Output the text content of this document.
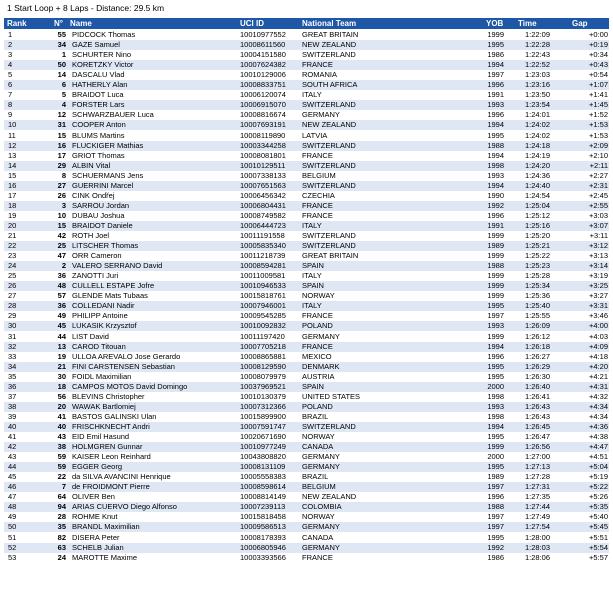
1 Start Loop + 8 Laps - Distance: 29.5 km
Rank	N° Name	UCI ID	National Team	YOB	Time	Gap
1	55 PIDCOCK Thomas	10010977552 GREAT BRITAIN	1999	1:22:09	+0:00
2	34 GAZE Samuel	10008611560 NEW ZEALAND	1995	1:22:28	+0:19
3	1 SCHURTER Nino	10004151580 SWITZERLAND	1986	1:22:43	+0:34
4	50 KORETZKY Victor	10007624382 FRANCE	1994	1:22:52	+0:43
5	14 DASCALU Vlad	10010129006 ROMANIA	1997	1:23:03	+0:54
6	6 HATHERLY Alan	10008833751 SOUTH AFRICA	1996	1:23:16	+1:07
7	5 BRAIDOT Luca	10006120074 ITALY	1991	1:23:50	+1:41
8	4 FORSTER Lars	10006915070 SWITZERLAND	1993	1:23:54	+1:45
9	12 SCHWARZBAUER Luca	10008816674 GERMANY	1996	1:24:01	+1:52
10	31 COOPER Anton	10007693191 NEW ZEALAND	1994	1:24:02	+1:53
11	15 BLUMS Martins	10008119890 LATVIA	1995	1:24:02	+1:53
12	16 FLUCKIGER Mathias	10003344258 SWITZERLAND	1988	1:24:18	+2:09
13	17 GRIOT Thomas	10008081801 FRANCE	1994	1:24:19	+2:10
14	29 ALBIN Vital	10010129511 SWITZERLAND	1998	1:24:20	+2:11
15	8 SCHUERMANS Jens	10007338133 BELGIUM	1993	1:24:36	+2:27
16	27 GUERRINI Marcel	10007651563 SWITZERLAND	1994	1:24:40	+2:31
17	26 CINK Ondřej	10006456342 CZECHIA	1990	1:24:54	+2:45
18	3 SARROU Jordan	10006804431 FRANCE	1992	1:25:04	+2:55
19	10 DUBAU Joshua	10008749582 FRANCE	1996	1:25:12	+3:03
20	15 BRAIDOT Daniele	10006444723 ITALY	1991	1:25:16	+3:07
21	42 ROTH Joel	10011191558 SWITZERLAND	1999	1:25:20	+3:11
22	25 LITSCHER Thomas	10005835340 SWITZERLAND	1989	1:25:21	+3:12
23	47 ORR Cameron	10011218739 GREAT BRITAIN	1999	1:25:22	+3:13
24	2 VALERO SERRANO David	10008594281 SPAIN	1988	1:25:23	+3:14
25	36 ZANOTTI Juri	10011009581 ITALY	1999	1:25:28	+3:19
26	48 CULLELL ESTAPE Jofre	10010946533 SPAIN	1999	1:25:34	+3:25
27	57 GLENDE Mats Tubaas	10015818761 NORWAY	1999	1:25:36	+3:27
28	36 COLLEDANI Nadir	10007946001 ITALY	1995	1:25:40	+3:31
29	49 PHILIPP Antoine	10009545285 FRANCE	1997	1:25:55	+3:46
30	45 LUKASIK Krzysztof	10010092832 POLAND	1993	1:26:09	+4:00
31	44 LIST David	10011197420 GERMANY	1999	1:26:12	+4:03
32	13 CAROD Titouan	10007705218 FRANCE	1994	1:26:18	+4:09
33	19 ULLOA AREVALO Jose Gerardo	10008865881 MEXICO	1996	1:26:27	+4:18
34	21 FINI CARSTENSEN Sebastian	10008129590 DENMARK	1995	1:26:29	+4:20
35	30 FOIDL Maximilian	10008079979 AUSTRIA	1995	1:26:30	+4:21
36	18 CAMPOS MOTOS David Domingo	10037969521 SPAIN	2000	1:26:40	+4:31
37	56 BLEVINS Christopher	10010130379 UNITED STATES	1998	1:26:41	+4:32
38	20 WAWAK Bartlomiej	10007312366 POLAND	1993	1:26:43	+4:34
39	41 BASTOS GALINSKI Ulan	10015899900 BRAZIL	1998	1:26:43	+4:34
40	40 FRISCHKNECHT Andri	10007591747 SWITZERLAND	1994	1:26:45	+4:36
41	43 EID Emil Hasund	10020671690 NORWAY	1995	1:26:47	+4:38
42	38 HOLMGREN Gunnar	10010977249 CANADA	1999	1:26:56	+4:47
43	59 KAISER Leon Reinhard	10043808820 GERMANY	2000	1:27:00	+4:51
44	59 EGGER Georg	10008131109 GERMANY	1995	1:27:13	+5:04
45	22 da SILVA AVANCINI Henrique	10005558383 BRAZIL	1989	1:27:28	+5:19
46	7 de FROIDMONT Pierre	10008598614 BELGIUM	1997	1:27:31	+5:22
47	64 OLIVER Ben	10008814149 NEW ZEALAND	1996	1:27:35	+5:26
48	94 ARIAS CUERVO Diego Alfonso	10007239113 COLOMBIA	1988	1:27:44	+5:35
49	28 ROHME Knut	10015818458 NORWAY	1997	1:27:49	+5:40
50	35 BRANDL Maximilian	10009586513 GERMANY	1997	1:27:54	+5:45
51	82 DISERA Peter	10008178393 CANADA	1995	1:28:00	+5:51
52	63 SCHELB Julian	10006805946 GERMANY	1992	1:28:03	+5:54
53	24 MAROTTE Maxime	10003393566 FRANCE	1986	1:28:06	+5:57
